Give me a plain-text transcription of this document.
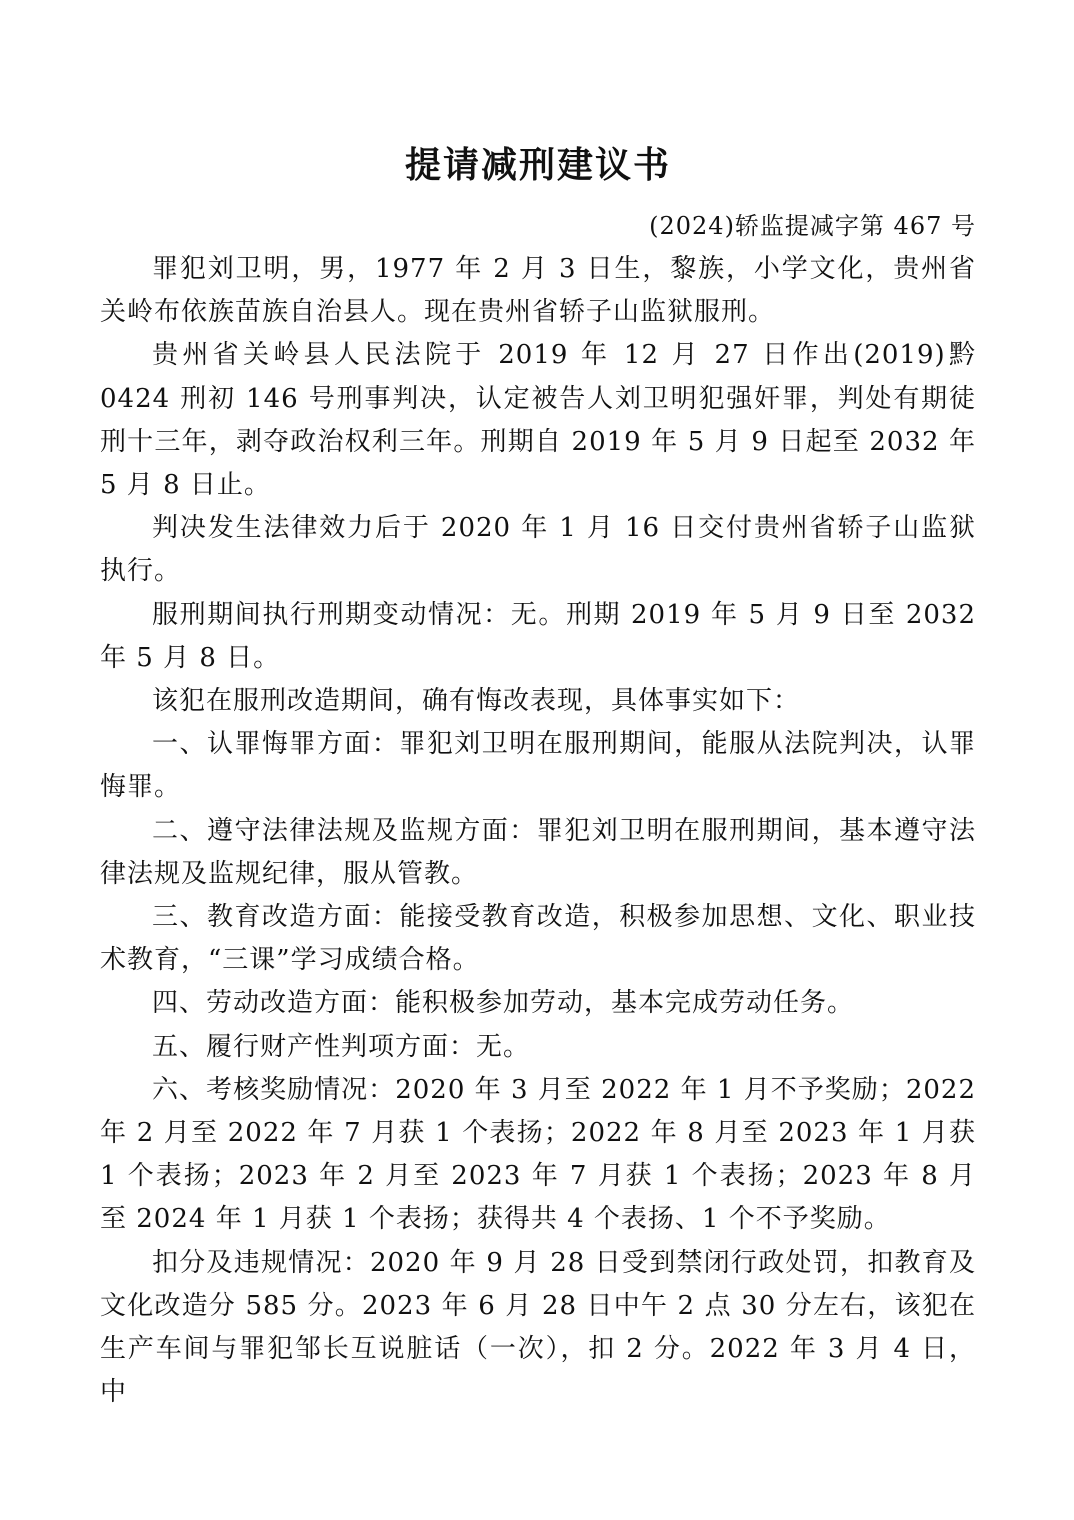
提请减刑建议书

(2024)轿监提减字第 467 号

罪犯刘卫明，男，1977 年 2 月 3 日生，黎族，小学文化，贵州省关岭布依族苗族自治县人。现在贵州省轿子山监狱服刑。

贵州省关岭县人民法院于 2019 年 12 月 27 日作出(2019)黔 0424 刑初 146 号刑事判决，认定被告人刘卫明犯强奸罪，判处有期徒刑十三年，剥夺政治权利三年。刑期自 2019 年 5 月 9 日起至 2032 年 5 月 8 日止。

判决发生法律效力后于 2020 年 1 月 16 日交付贵州省轿子山监狱执行。

服刑期间执行刑期变动情况：无。刑期 2019 年 5 月 9 日至 2032 年 5 月 8 日。

该犯在服刑改造期间，确有悔改表现，具体事实如下：

一、认罪悔罪方面：罪犯刘卫明在服刑期间，能服从法院判决，认罪悔罪。

二、遵守法律法规及监规方面：罪犯刘卫明在服刑期间，基本遵守法律法规及监规纪律，服从管教。

三、教育改造方面：能接受教育改造，积极参加思想、文化、职业技术教育，“三课”学习成绩合格。

四、劳动改造方面：能积极参加劳动，基本完成劳动任务。

五、履行财产性判项方面：无。

六、考核奖励情况：2020 年 3 月至 2022 年 1 月不予奖励；2022 年 2 月至 2022 年 7 月获 1 个表扬；2022 年 8 月至 2023 年 1 月获 1 个表扬；2023 年 2 月至 2023 年 7 月获 1 个表扬；2023 年 8 月至 2024 年 1 月获 1 个表扬；获得共 4 个表扬、1 个不予奖励。

扣分及违规情况：2020 年 9 月 28 日受到禁闭行政处罚，扣教育及文化改造分 585 分。2023 年 6 月 28 日中午 2 点 30 分左右，该犯在生产车间与罪犯邹长互说脏话（一次），扣 2 分。2022 年 3 月 4 日，中
